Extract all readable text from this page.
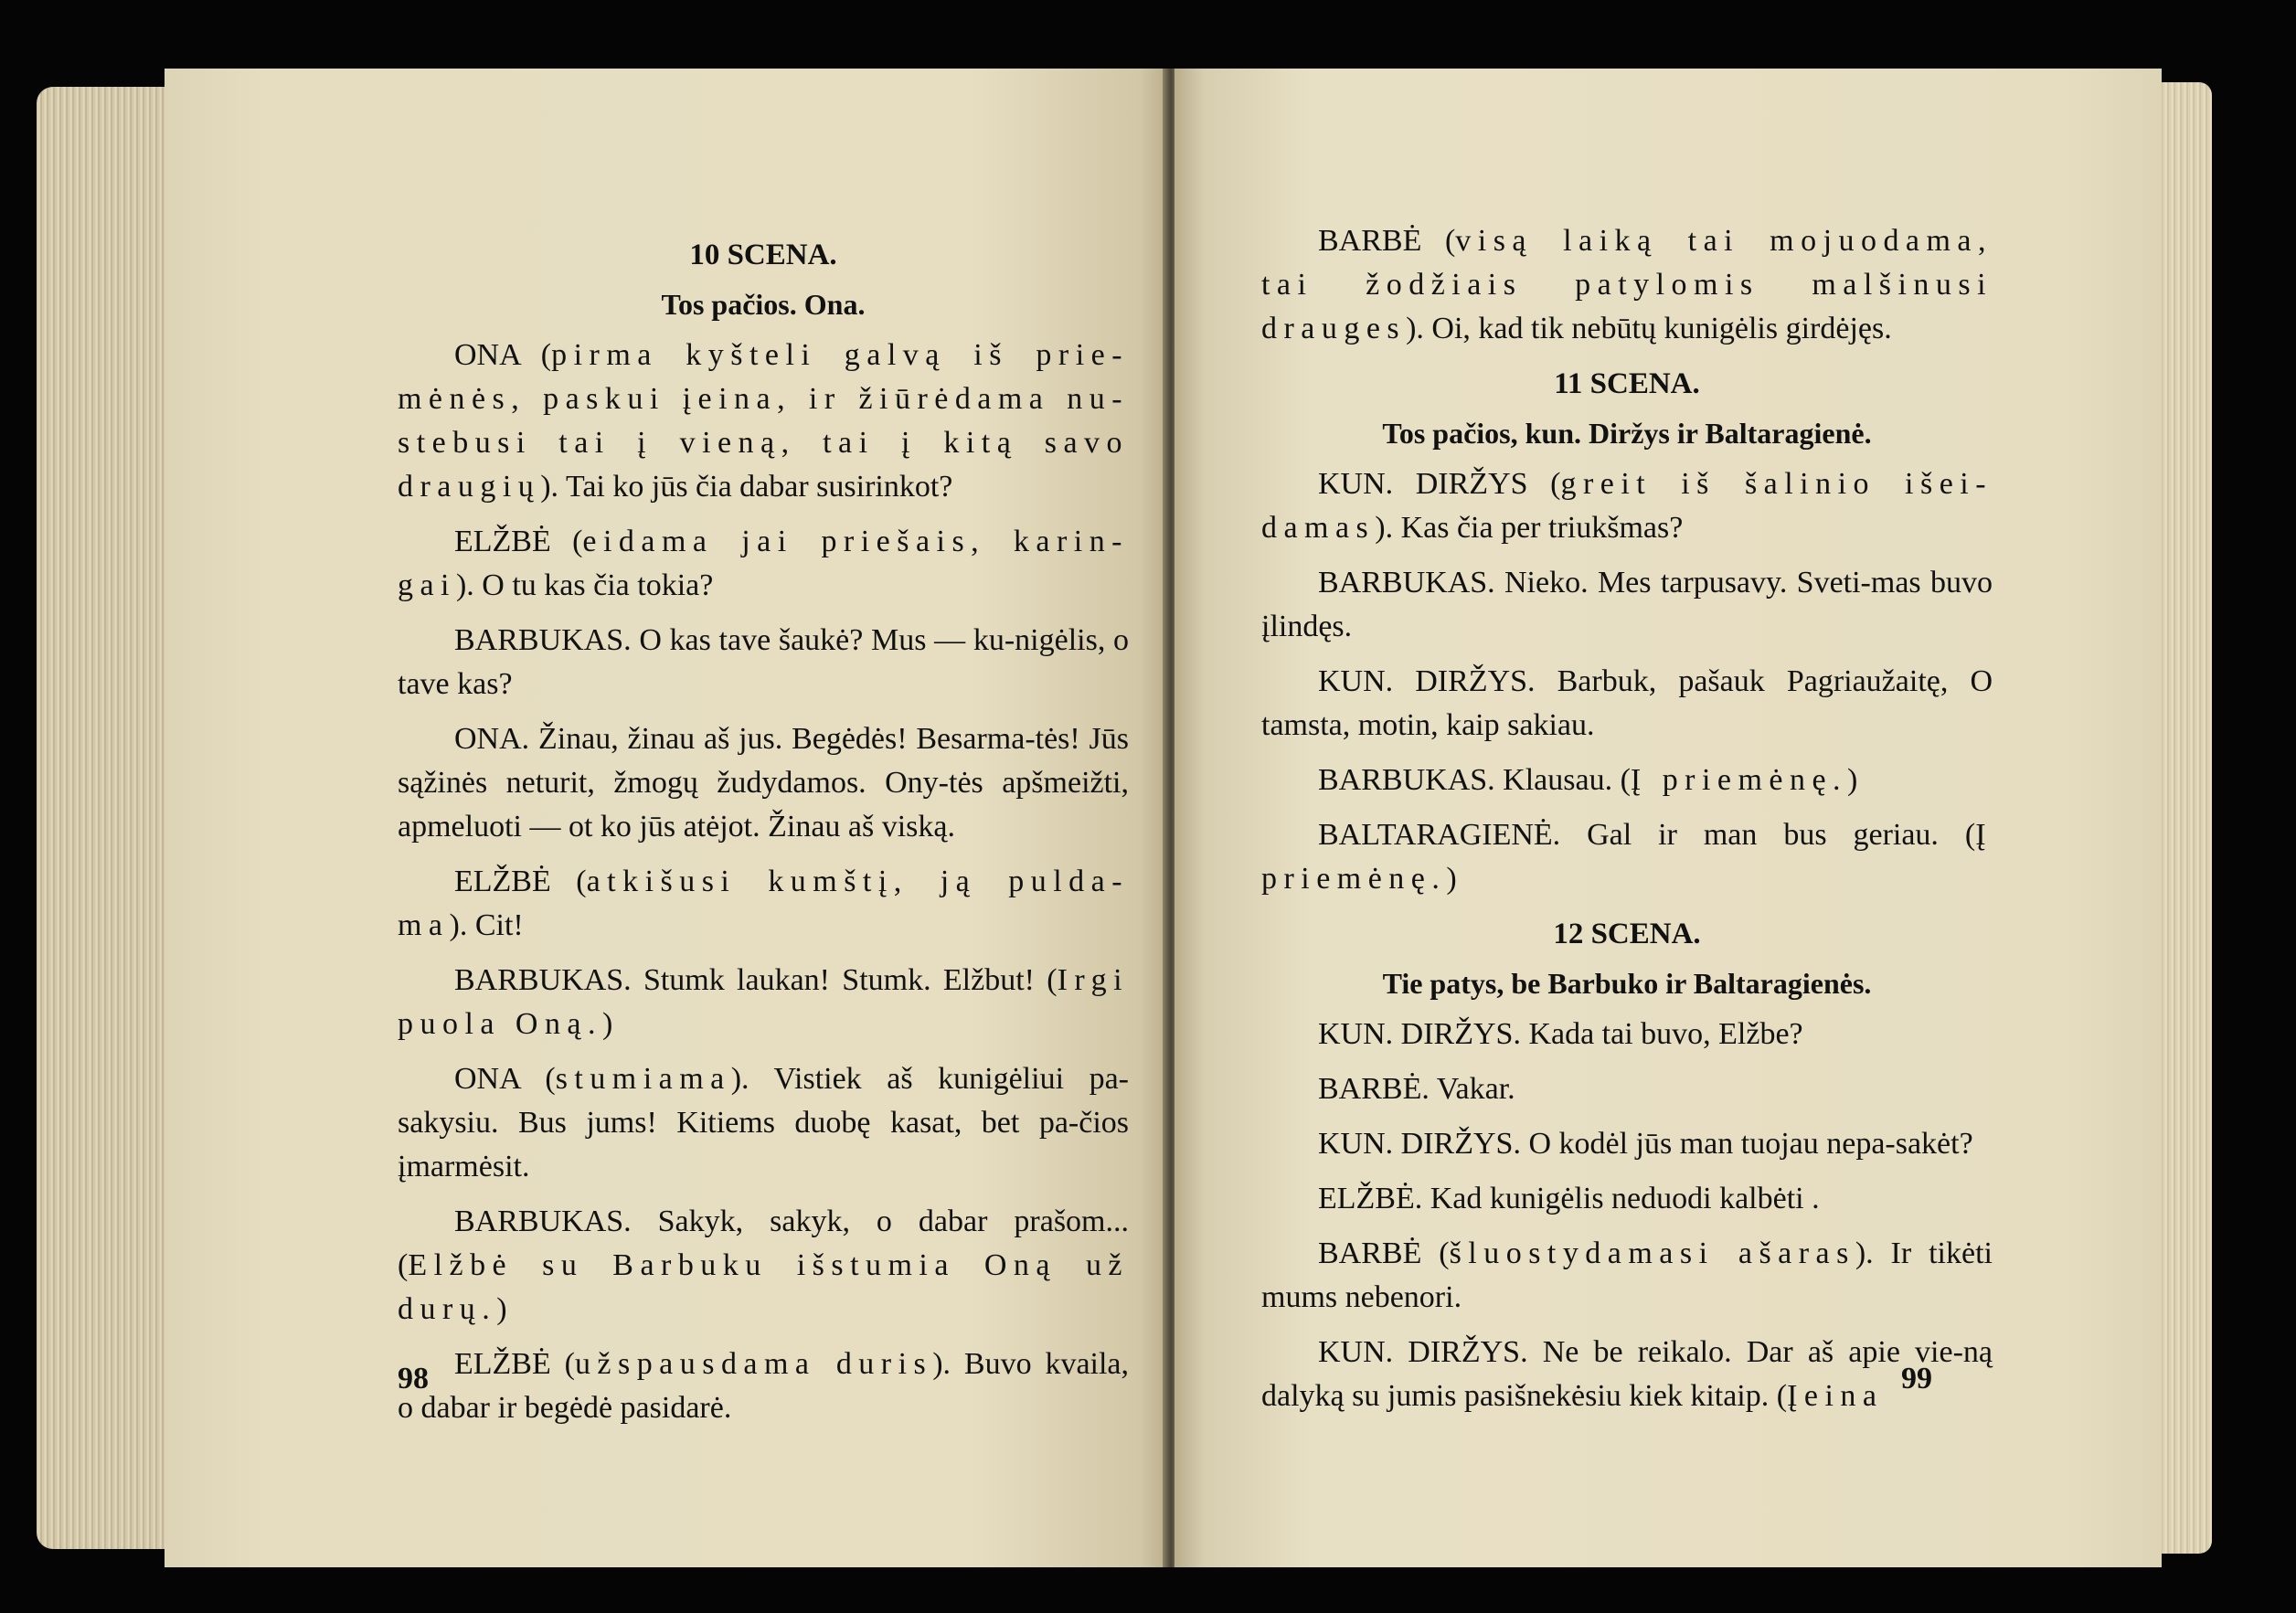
10 SCENA.
Tos pačios. Ona.
ONA (pirma kyšteli galvą iš prie-mėnės, paskui įeina, ir žiūrėdama nu-stebusi tai į vieną, tai į kitą savo draugių). Tai ko jūs čia dabar susirinkot?
ELŽBĖ (eidama jai priešais, karin-gai). O tu kas čia tokia?
BARBUKAS. O kas tave šaukė? Mus — ku-nigėlis, o tave kas?
ONA. Žinau, žinau aš jus. Begėdės! Besarma-tės! Jūs sąžinės neturit, žmogų žudydamos. Ony-tės apšmeižti, apmeluoti — ot ko jūs atėjot. Žinau aš viską.
ELŽBĖ (atkišusi kumštį, ją pulda-ma). Cit!
BARBUKAS. Stumk laukan! Stumk. Elžbut! (Irgi puola Oną.)
ONA (stumiama). Vistiek aš kunigėliui pa-sakysiu. Bus jums! Kitiems duobę kasat, bet pa-čios įmarmėsit.
BARBUKAS. Sakyk, sakyk, o dabar prašom... (Elžbė su Barbuku išstumia Oną už durų.)
ELŽBĖ (užspausdama duris). Buvo kvaila, o dabar ir begėdė pasidarė.
98
BARBĖ (visą laiką tai mojuodama, tai žodžiais patylomis malšinusi drauges). Oi, kad tik nebūtų kunigėlis girdėjęs.
11 SCENA.
Tos pačios, kun. Diržys ir Baltaragienė.
KUN. DIRŽYS (greit iš šalinio išei-damas). Kas čia per triukšmas?
BARBUKAS. Nieko. Mes tarpusavy. Sveti-mas buvo įlindęs.
KUN. DIRŽYS. Barbuk, pašauk Pagriaužaitę, O tamsta, motin, kaip sakiau.
BARBUKAS. Klausau. (Į priemėnę.)
BALTARAGIENĖ. Gal ir man bus geriau. (Į priemėnę.)
12 SCENA.
Tie patys, be Barbuko ir Baltaragienės.
KUN. DIRŽYS. Kada tai buvo, Elžbe?
BARBĖ. Vakar.
KUN. DIRŽYS. O kodėl jūs man tuojau nepa-sakėt?
ELŽBĖ. Kad kunigėlis neduodi kalbėti .
BARBĖ (šluostydamasi ašaras). Ir tikėti mums nebenori.
KUN. DIRŽYS. Ne be reikalo. Dar aš apie vie-ną dalyką su jumis pasišnekėsiu kiek kitaip. (Įeina
99
